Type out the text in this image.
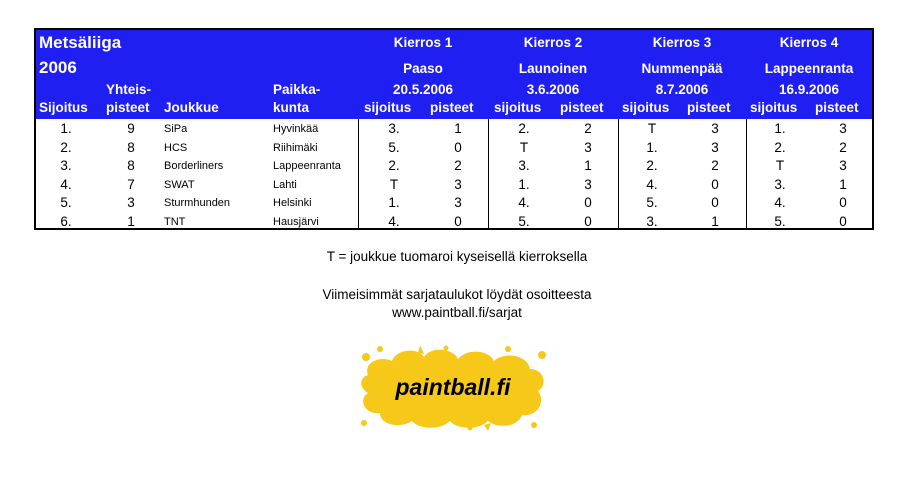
Metsäliiga
2006
Yhteis-	Paikka-
Sijoitus pisteet Joukkue	kunta
Kierros 1
Paaso
20.5.2006
sijoitus pisteet
Kierros 2
Launoinen
3.6.2006
sijoitus pisteet
Kierros 3
Nummenpää
8.7.2006
sijoitus pisteet
Kierros 4
Lappeenranta
16.9.2006
sijoitus pisteet
1.	9	SiPa	Hyvinkää	3.	1	2.	2	T	3	1.	3
2.	8	HCS	Riihimäki	5.	0	T	3	1.	3	2.	2
3.	8	Borderliners	Lappeenranta	2.	2	3.	1	2.	2	T	3
4.	7	SWAT	Lahti	T	3	1.	3	4.	0	3.	1
5.	3	Sturmhunden	Helsinki	1.	3	4.	0	5.	0	4.	0
6.	1	TNT	Hausjärvi	4.	0	5.	0	3.	1	5.	0
T = joukkue tuomaroi kyseisellä kierroksella
Viimeisimmät sarjataulukot löydät osoitteesta
www.paintball.fi/sarjat
paintball.fi
